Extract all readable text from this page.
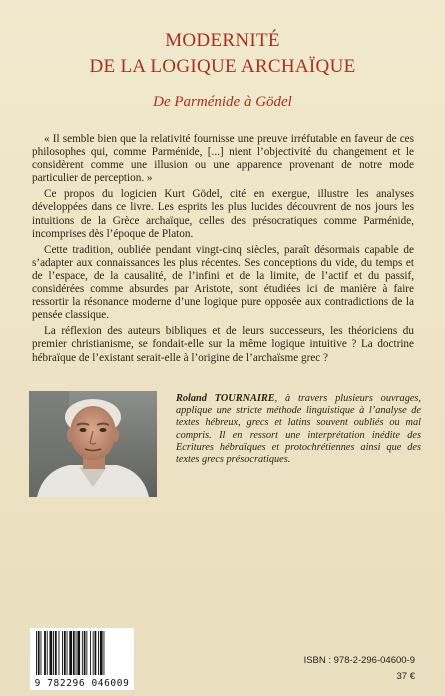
MODERNITÉ
DE LA LOGIQUE ARCHAÏQUE
De Parménide à Gödel

« Il semble bien que la relativité fournisse une preuve irréfutable en faveur de ces philosophes qui, comme Parménide, [...] nient l’objectivité du changement et le considèrent comme une illusion ou une apparence provenant de notre mode particulier de perception. »

Ce propos du logicien Kurt Gödel, cité en exergue, illustre les analyses développées dans ce livre. Les esprits les plus lucides découvrent de nos jours les intuitions de la Grèce archaïque, celles des présocratiques comme Parménide, incomprises dès l’époque de Platon.

Cette tradition, oubliée pendant vingt-cinq siècles, paraît désormais capable de s’adapter aux connaissances les plus récentes. Ses conceptions du vide, du temps et de l’espace, de la causalité, de l’infini et de la limite, de l’actif et du passif, considérées comme absurdes par Aristote, sont étudiées ici de manière à faire ressortir la résonance moderne d’une logique pure opposée aux contradictions de la pensée classique.

La réflexion des auteurs bibliques et de leurs successeurs, les théoriciens du premier christianisme, se fondait-elle sur la même logique intuitive ? La doctrine hébraïque de l’existant serait-elle à l’origine de l’archaïsme grec ?

Roland TOURNAIRE, à travers plusieurs ouvrages, applique une stricte méthode linguistique à l’analyse de textes hébreux, grecs et latins souvent oubliés ou mal compris. Il en ressort une interprétation inédite des Ecritures hébraïques et protochrétiennes ainsi que des textes grecs présocratiques.
9 782296 046009
ISBN : 978-2-296-04600-9
37 €
